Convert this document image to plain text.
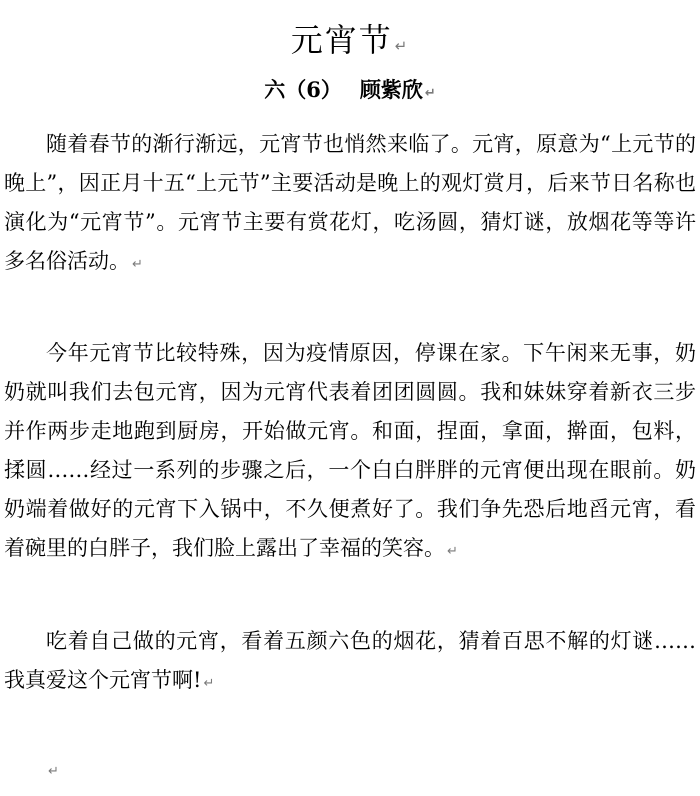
元宵节 ↵
六（6） 顾紫欣 ↵

随着春节的渐行渐远，元宵节也悄然来临了。元宵，原意为“上元节的晚上”，因正月十五“上元节”主要活动是晚上的观灯赏月，后来节日名称也演化为“元宵节”。元宵节主要有赏花灯，吃汤圆，猜灯谜，放烟花等等许多名俗活动。 ↵

今年元宵节比较特殊，因为疫情原因，停课在家。下午闲来无事，奶奶就叫我们去包元宵，因为元宵代表着团团圆圆。我和妹妹穿着新衣三步并作两步走地跑到厨房，开始做元宵。和面，捏面，拿面，擀面，包料，揉圆……经过一系列的步骤之后，一个白白胖胖的元宵便出现在眼前。奶奶端着做好的元宵下入锅中，不久便煮好了。我们争先恐后地舀元宵，看着碗里的白胖子，我们脸上露出了幸福的笑容。 ↵

吃着自己做的元宵，看着五颜六色的烟花，猜着百思不解的灯谜……我真爱这个元宵节啊! ↵

↵
